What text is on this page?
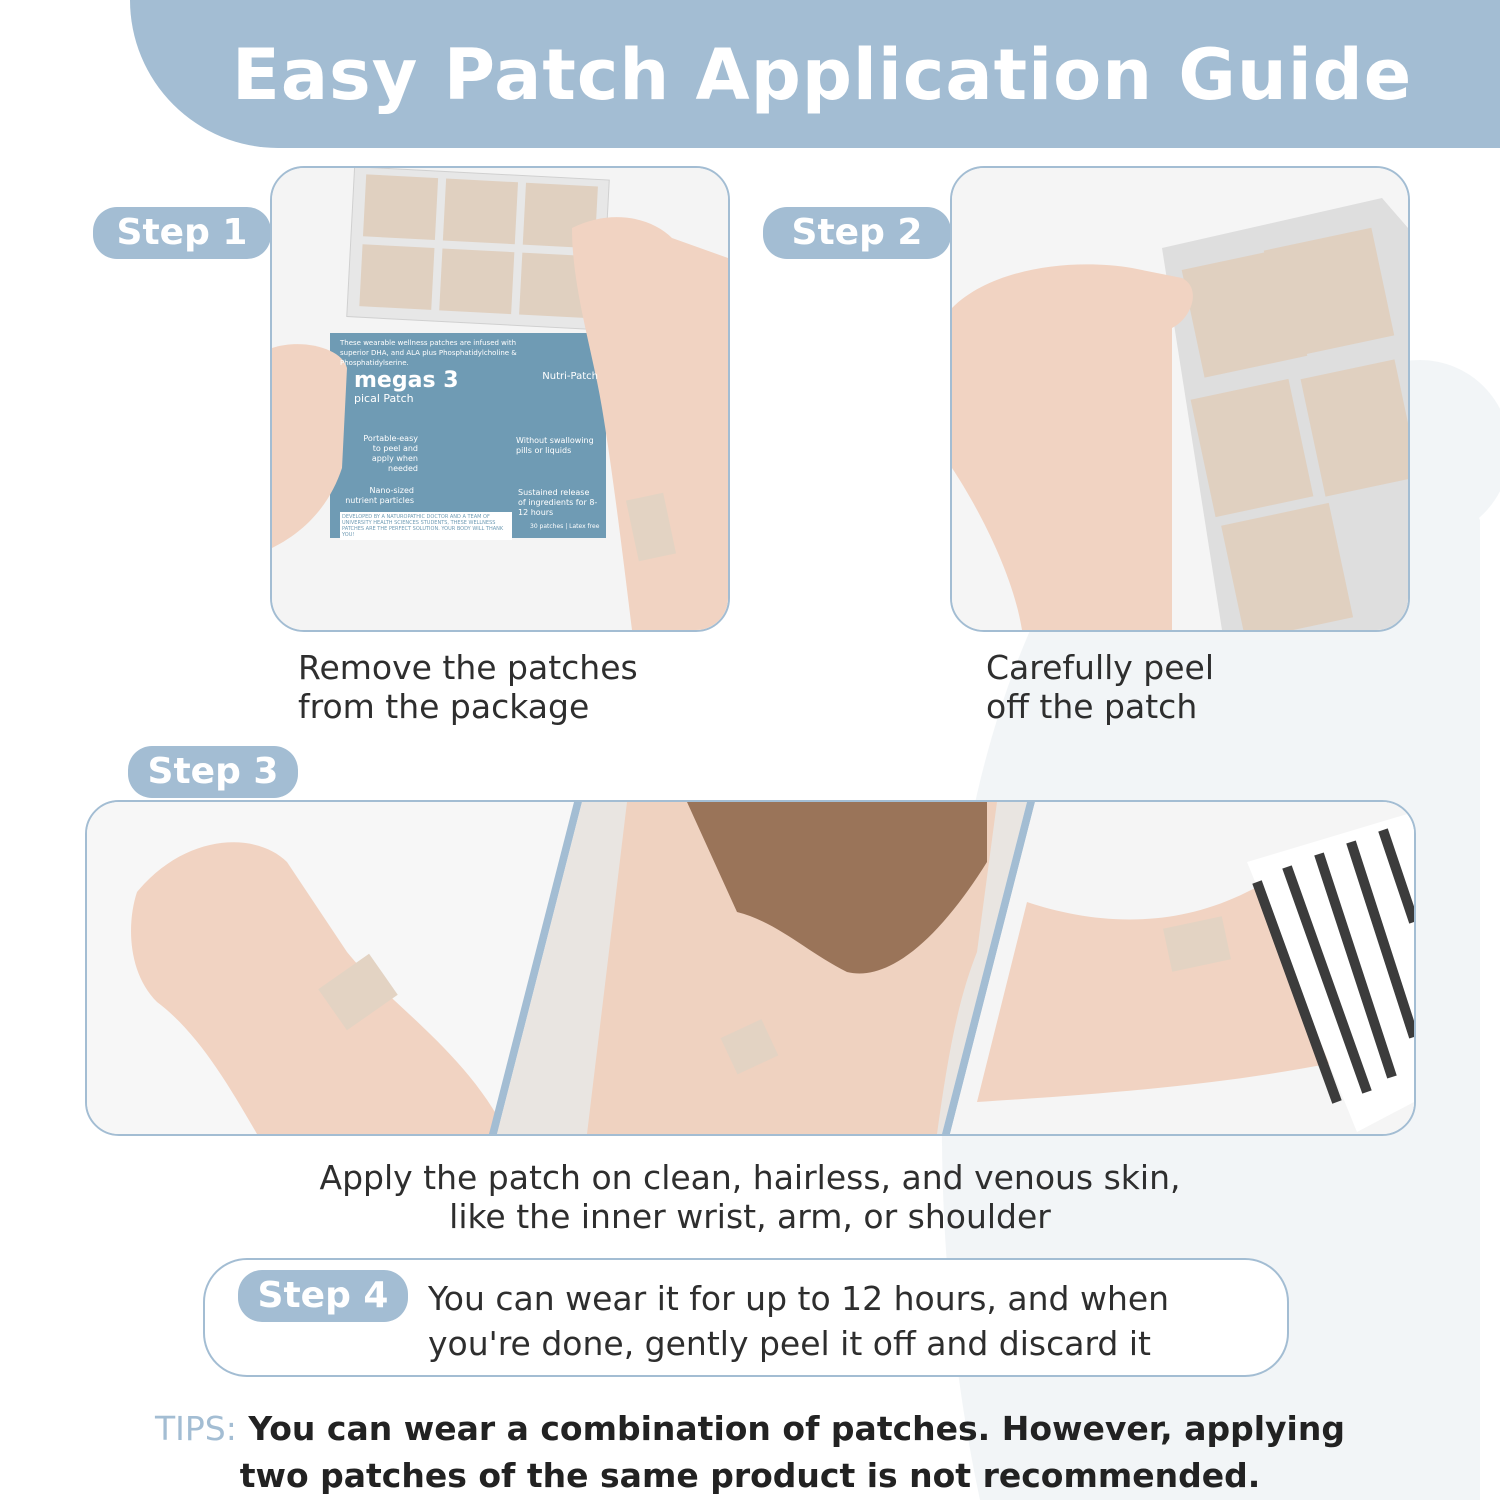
Easy Patch Application Guide
Step 1
These wearable wellness patches are infused with superior DHA, and ALA plus Phosphatidylcholine & Phosphatidylserine.
Nutri-Patch
megas 3
pical Patch
Portable-easy to peel and apply when needed
Without swallowing pills or liquids
Nano-sized nutrient particles
Sustained release of ingredients for 8-12 hours
DEVELOPED BY A NATUROPATHIC DOCTOR AND A TEAM OF UNIVERSITY HEALTH SCIENCES STUDENTS, THESE WELLNESS PATCHES ARE THE PERFECT SOLUTION. YOUR BODY WILL THANK YOU!
30 patches | Latex free
Remove the patches
from the package
Step 2
Carefully peel
off the patch
Step 3
Apply the patch on clean, hairless, and venous skin,
like the inner wrist, arm, or shoulder
Step 4	You can wear it for up to 12 hours, and when
you're done, gently peel it off and discard it
TIPS: You can wear a combination of patches. However, applying
two patches of the same product is not recommended.
